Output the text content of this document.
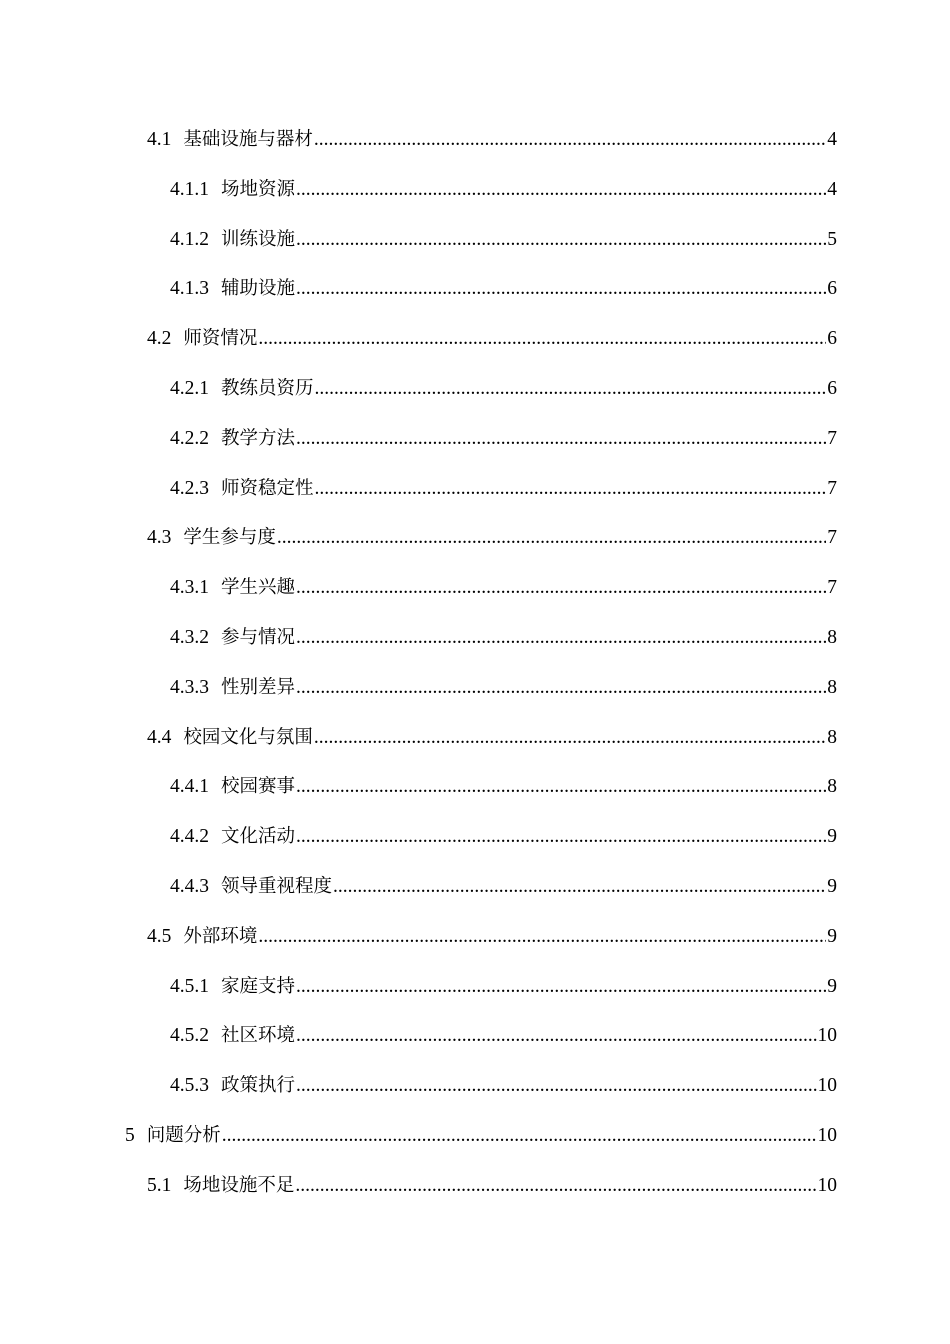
4.1 基础设施与器材 .....	4
4.1.1 场地资源 .....	4
4.1.2 训练设施 .....	5
4.1.3 辅助设施 .....	6
4.2 师资情况 .....	6
4.2.1 教练员资历 .....	6
4.2.2 教学方法 .....	7
4.2.3 师资稳定性 .....	7
4.3 学生参与度 .....	7
4.3.1 学生兴趣 .....	7
4.3.2 参与情况 .....	8
4.3.3 性别差异 .....	8
4.4 校园文化与氛围 .....	8
4.4.1 校园赛事 .....	8
4.4.2 文化活动 .....	9
4.4.3 领导重视程度 .....	9
4.5 外部环境 .....	9
4.5.1 家庭支持 .....	9
4.5.2 社区环境 .....	10
4.5.3 政策执行 .....	10
5 问题分析 .....	10
5.1 场地设施不足 .....	10
